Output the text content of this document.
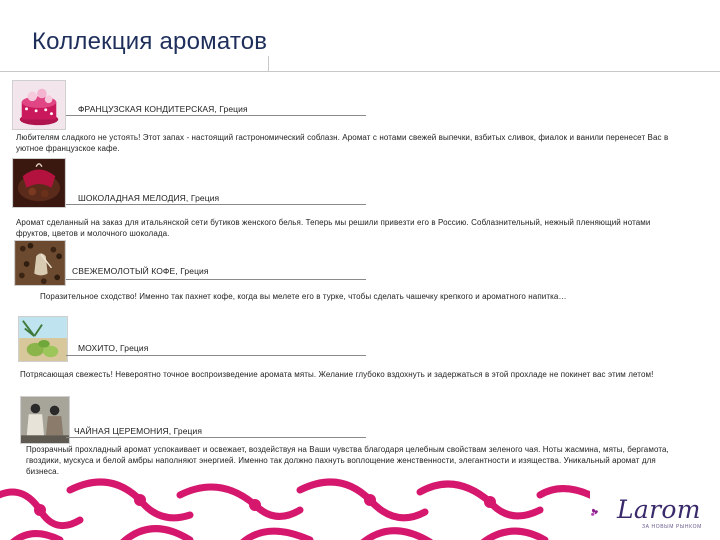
Коллекция ароматов
ФРАНЦУЗСКАЯ КОНДИТЕРСКАЯ, Греция
Любителям сладкого не устоять! Этот запах - настоящий гастрономический соблазн. Аромат с нотами свежей выпечки, взбитых сливок, фиалок и ванили перенесет Вас в уютное французское кафе.
ШОКОЛАДНАЯ МЕЛОДИЯ, Греция
Аромат сделанный на заказ для итальянской сети бутиков женского белья. Теперь мы решили привезти его в Россию. Соблазнительный, нежный пленяющий нотами фруктов, цветов и молочного шоколада.
СВЕЖЕМОЛОТЫЙ КОФЕ, Греция
Поразительное сходство! Именно так пахнет кофе, когда вы мелете его в турке, чтобы сделать чашечку крепкого и ароматного напитка…
МОХИТО, Греция
Потрясающая свежесть! Невероятно точное воспроизведение аромата мяты. Желание глубоко вздохнуть и задержаться в этой прохладе не покинет вас этим летом!
ЧАЙНАЯ ЦЕРЕМОНИЯ, Греция
Прозрачный прохладный аромат успокаивает и освежает, воздействуя на Ваши чувства благодаря целебным свойствам зеленого чая. Ноты жасмина, мяты, бергамота, гвоздики, мускуса и белой амбры наполняют энергией. Именно так должно пахнуть воплощение женственности, элегантности и изящества. Уникальный аромат для бизнеса.
Larom
ЗА НОВЫМ РЫНКОМ
